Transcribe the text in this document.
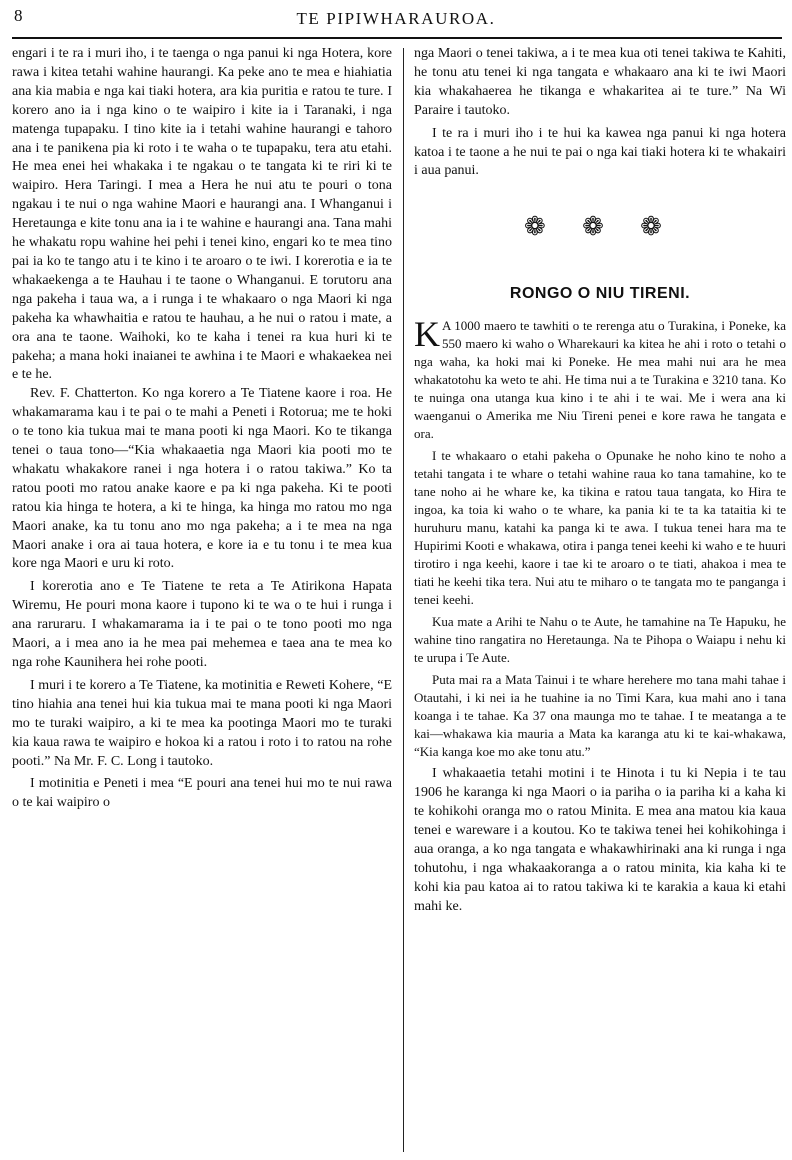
8	TE PIPIWHARAUROA.

engari i te ra i muri iho, i te taenga o nga panui ki nga Hotera, kore rawa i kitea tetahi wahine haurangi. Ka peke ano te mea e hiahiatia ana kia mabia e nga kai tiaki hotera, ara kia puritia e ratou te ture. I korero ano ia i nga kino o te waipiro i kite ia i Taranaki, i nga matenga tupapaku. I tino kite ia i tetahi wahine haurangi e tahoro ana i te panikena pia ki roto i te waha o te tupapaku, tera atu etahi. He mea enei hei whakaka i te ngakau o te tangata ki te riri ki te waipiro. Hera Taringi. I mea a Hera he nui atu te pouri o tona ngakau i te nui o nga wahine Maori e haurangi ana. I Whanganui i Heretaunga e kite tonu ana ia i te wahine e haurangi ana. Tana mahi he whakatu ropu wahine hei pehi i tenei kino, engari ko te mea tino pai ia ko te tango atu i te kino i te aroaro o te iwi. I korerotia e ia te whakaekenga a te Hauhau i te taone o Whanganui. E torutoru ana nga pakeha i taua wa, a i runga i te whakaaro o nga Maori ki nga pakeha ka whawhaitia e ratou te hauhau, a he nui o ratou i mate, a ora ana te taone. Waihoki, ko te kaha i tenei ra kua huri ki te pakeha; a mana hoki inaianei te awhina i te Maori e whakaekea nei e te he.

Rev. F. Chatterton. Ko nga korero a Te Tiatene kaore i roa. He whakamarama kau i te pai o te mahi a Peneti i Rotorua; me te hoki o te tono kia tukua mai te mana pooti ki nga Maori. Ko te tikanga tenei o taua tono—“Kia whakaaetia nga Maori kia pooti mo te whakatu whakakore ranei i nga hotera i o ratou takiwa.” Ko ta ratou pooti mo ratou anake kaore e pa ki nga pakeha. Ki te pooti ratou kia hinga te hotera, a ki te hinga, ka hinga mo ratou mo nga Maori anake, ka tu tonu ano mo nga pakeha; a i te mea na nga Maori anake i ora ai taua hotera, e kore ia e tu tonu i te mea kua kore nga Maori e uru ki roto.

I korerotia ano e Te Tiatene te reta a Te Atirikona Hapata Wiremu, He pouri mona kaore i tupono ki te wa o te hui i runga i ana raruraru. I whakamarama ia i te pai o te tono pooti mo nga Maori, a i mea ano ia he mea pai mehemea e taea ana te mea ko nga rohe Kaunihera hei rohe pooti.

I muri i te korero a Te Tiatene, ka motinitia e Reweti Kohere, “E tino hiahia ana tenei hui kia tukua mai te mana pooti ki nga Maori mo te turaki waipiro, a ki te mea ka pootinga Maori mo te turaki kia kaua rawa te waipiro e hokoa ki a ratou i roto i to ratou na rohe pooti.” Na Mr. F. C. Long i tautoko.

I motinitia e Peneti i mea “E pouri ana tenei hui mo te nui rawa o te kai waipiro o

nga Maori o tenei takiwa, a i te mea kua oti tenei takiwa te Kahiti, he tonu atu tenei ki nga tangata e whakaaro ana ki te iwi Maori kia whakahaerea he tikanga e whakaritea ai te ture.” Na Wi Paraire i tautoko.

I te ra i muri iho i te hui ka kawea nga panui ki nga hotera katoa i te taone a he nui te pai o nga kai tiaki hotera ki te whakairi i aua panui.

❁ ❁ ❁
RONGO O NIU TIRENI.

K A 1000 maero te tawhiti o te rerenga atu o Turakina, i Poneke, ka 550 maero ki waho o Wharekauri ka kitea he ahi i roto o tetahi o nga waha, ka hoki mai ki Poneke. He mea mahi nui ara he mea whakatotohu ka weto te ahi. He tima nui a te Turakina e 3210 tana. Ko te nuinga ona utanga kua kino i te ahi i te wai. Me i wera ana ki waenganui o Amerika me Niu Tireni penei e kore rawa he tangata e ora.

I te whakaaro o etahi pakeha o Opunake he noho kino te noho a tetahi tangata i te whare o tetahi wahine raua ko tana tamahine, ko te tane noho ai he whare ke, ka tikina e ratou taua tangata, ko Hira te ingoa, ka toia ki waho o te whare, ka pania ki te ta ka tataitia ki te huruhuru manu, katahi ka panga ki te awa. I tukua tenei hara ma te Hupirimi Kooti e whakawa, otira i panga tenei keehi ki waho e te huuri tirotiro i nga keehi, kaore i tae ki te aroaro o te tiati, ahakoa i mea te tiati he keehi tika tera. Nui atu te miharo o te tangata mo te panganga i tenei keehi.

Kua mate a Arihi te Nahu o te Aute, he tamahine na Te Hapuku, he wahine tino rangatira no Heretaunga. Na te Pihopa o Waiapu i nehu ki te urupa i Te Aute.

Puta mai ra a Mata Tainui i te whare herehere mo tana mahi tahae i Otautahi, i ki nei ia he tuahine ia no Timi Kara, kua mahi ano i tana koanga i te tahae. Ka 37 ona maunga mo te tahae. I te meatanga a te kai—whakawa kia mauria a Mata ka karanga atu ki te kai-whakawa, “Kia kanga koe mo ake tonu atu.”

I whakaaetia tetahi motini i te Hinota i tu ki Nepia i te tau 1906 he karanga ki nga Maori o ia pariha o ia pariha ki a kaha ki te kohikohi oranga mo o ratou Minita. E mea ana matou kia kaua tenei e wareware i a koutou. Ko te takiwa tenei hei kohikohinga i aua oranga, a ko nga tangata e whakawhirinaki ana ki runga i nga tohutohu, i nga whakaakoranga a o ratou minita, kia kaha ki te kohi kia pau katoa ai to ratou takiwa ki te karakia a kaua ki etahi mahi ke.
